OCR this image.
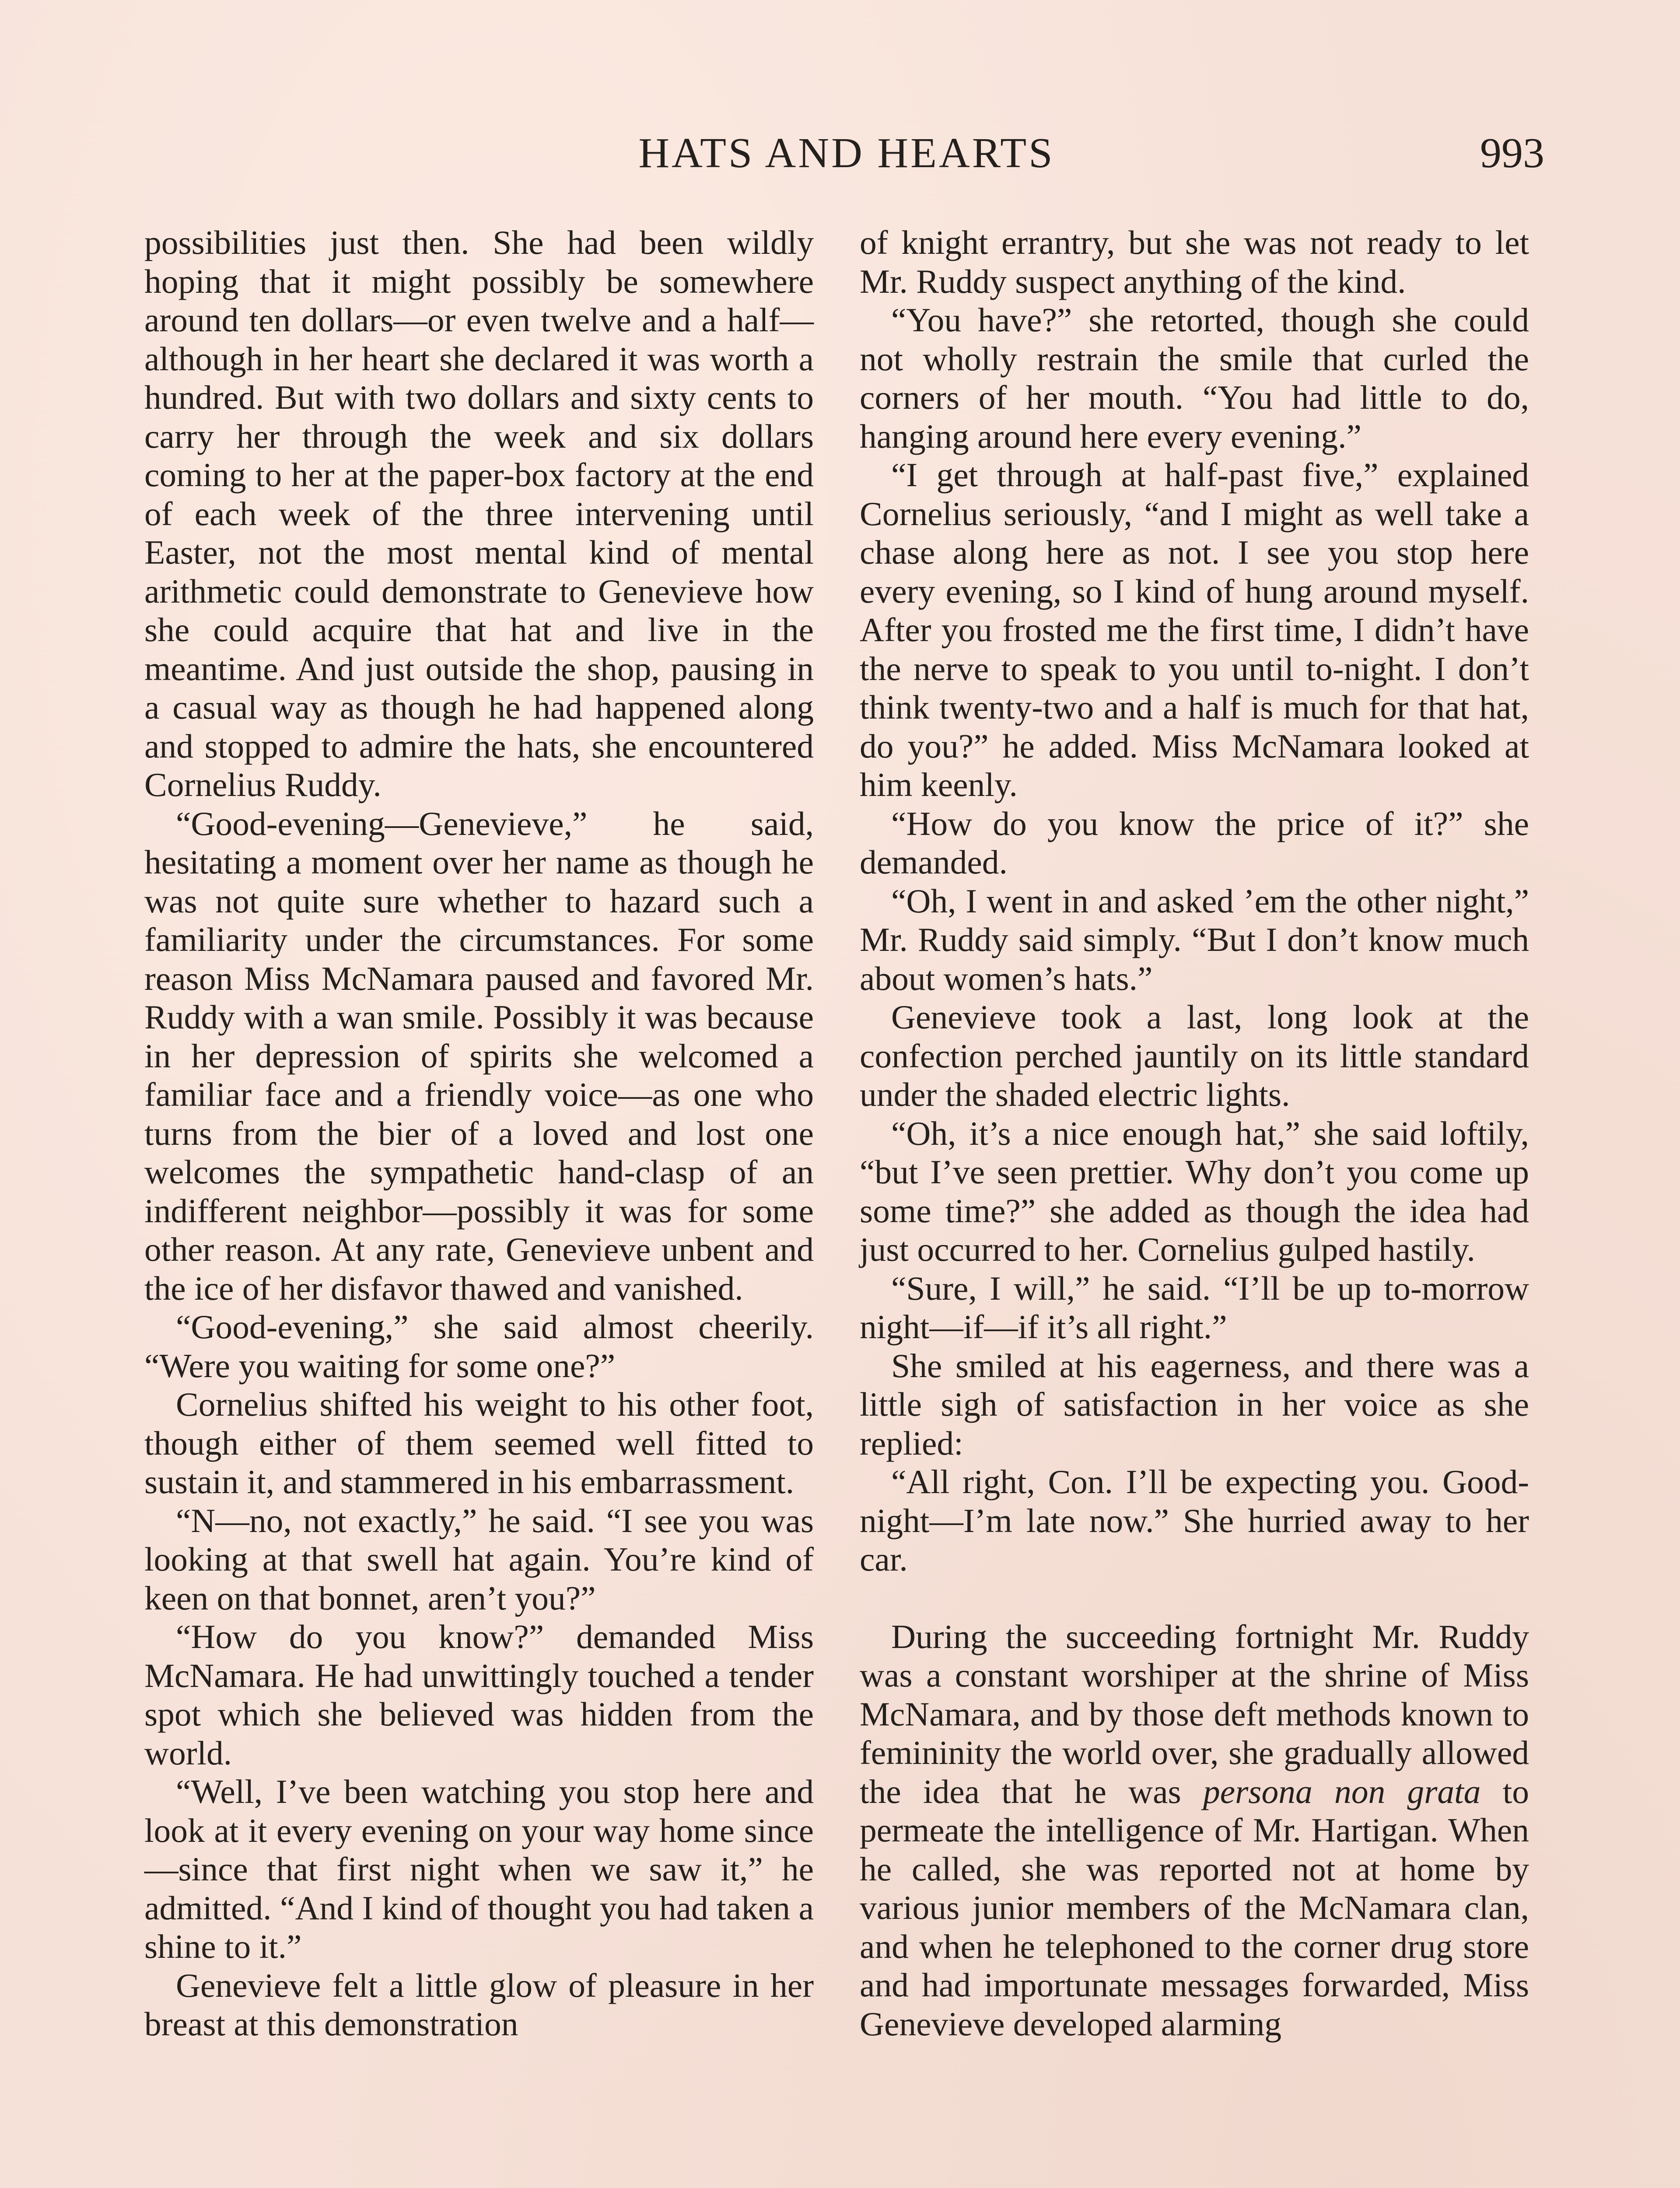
HATS AND HEARTS	993

possibilities just then. She had been wildly hoping that it might possibly be somewhere around ten dollars—or even twelve and a half—although in her heart she declared it was worth a hundred. But with two dollars and sixty cents to carry her through the week and six dollars coming to her at the paper-box factory at the end of each week of the three intervening until Easter, not the most mental kind of mental arithmetic could demonstrate to Genevieve how she could acquire that hat and live in the meantime. And just outside the shop, pausing in a casual way as though he had happened along and stopped to admire the hats, she encountered Cornelius Ruddy.

“Good-evening—Genevieve,” he said, hesitating a moment over her name as though he was not quite sure whether to hazard such a familiarity under the circumstances. For some reason Miss McNamara paused and favored Mr. Ruddy with a wan smile. Possibly it was because in her depression of spirits she welcomed a familiar face and a friendly voice—as one who turns from the bier of a loved and lost one welcomes the sympathetic hand-clasp of an indifferent neighbor—possibly it was for some other reason. At any rate, Genevieve unbent and the ice of her disfavor thawed and vanished.

“Good-evening,” she said almost cheerily. “Were you waiting for some one?”

Cornelius shifted his weight to his other foot, though either of them seemed well fitted to sustain it, and stammered in his embarrassment.

“N—no, not exactly,” he said. “I see you was looking at that swell hat again. You’re kind of keen on that bonnet, aren’t you?”

“How do you know?” demanded Miss McNamara. He had unwittingly touched a tender spot which she believed was hidden from the world.

“Well, I’ve been watching you stop here and look at it every evening on your way home since—since that first night when we saw it,” he admitted. “And I kind of thought you had taken a shine to it.”

Genevieve felt a little glow of pleasure in her breast at this demonstration

of knight errantry, but she was not ready to let Mr. Ruddy suspect anything of the kind.

“You have?” she retorted, though she could not wholly restrain the smile that curled the corners of her mouth. “You had little to do, hanging around here every evening.”

“I get through at half-past five,” explained Cornelius seriously, “and I might as well take a chase along here as not. I see you stop here every evening, so I kind of hung around myself. After you frosted me the first time, I didn’t have the nerve to speak to you until to-night. I don’t think twenty-two and a half is much for that hat, do you?” he added. Miss McNamara looked at him keenly.

“How do you know the price of it?” she demanded.

“Oh, I went in and asked ’em the other night,” Mr. Ruddy said simply. “But I don’t know much about women’s hats.”

Genevieve took a last, long look at the confection perched jauntily on its little standard under the shaded electric lights.

“Oh, it’s a nice enough hat,” she said loftily, “but I’ve seen prettier. Why don’t you come up some time?” she added as though the idea had just occurred to her. Cornelius gulped hastily.

“Sure, I will,” he said. “I’ll be up to-morrow night—if—if it’s all right.”

She smiled at his eagerness, and there was a little sigh of satisfaction in her voice as she replied:

“All right, Con. I’ll be expecting you. Good-night—I’m late now.” She hurried away to her car.

During the succeeding fortnight Mr. Ruddy was a constant worshiper at the shrine of Miss McNamara, and by those deft methods known to femininity the world over, she gradually allowed the idea that he was persona non grata to permeate the intelligence of Mr. Hartigan. When he called, she was reported not at home by various junior members of the McNamara clan, and when he telephoned to the corner drug store and had importunate messages forwarded, Miss Genevieve developed alarming
